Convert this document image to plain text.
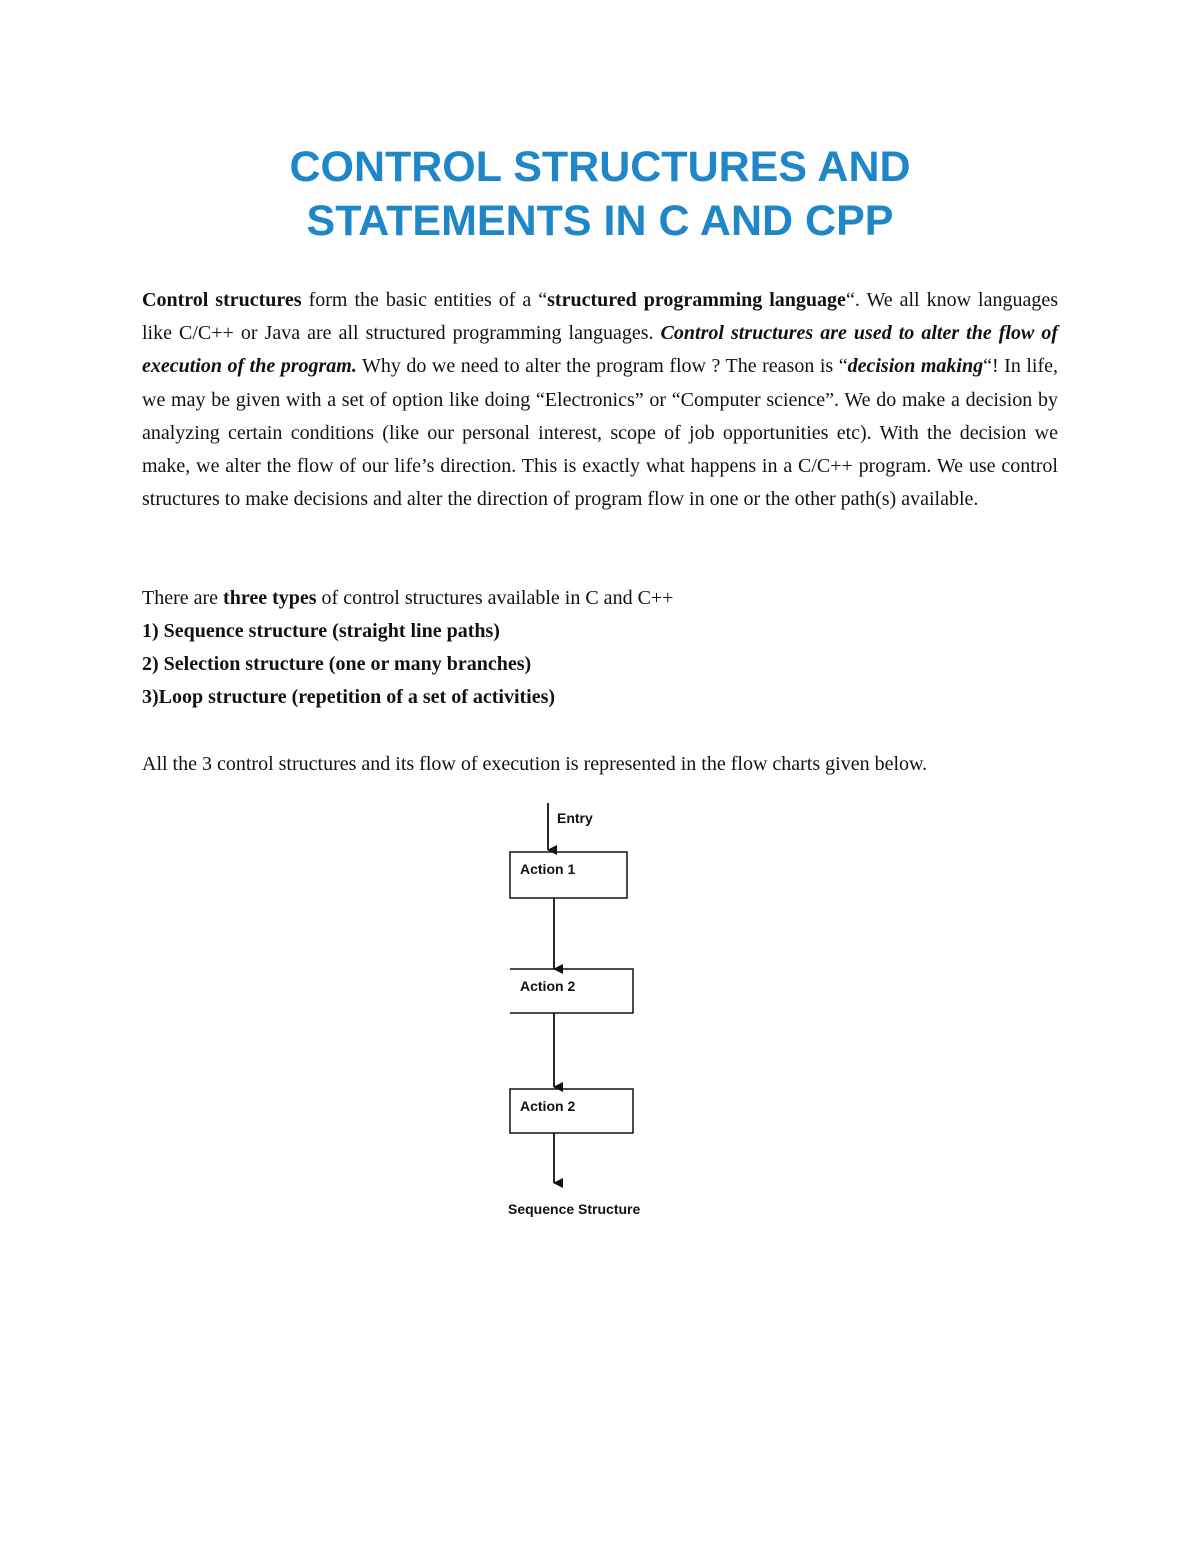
CONTROL STRUCTURES AND
STATEMENTS IN C AND CPP

Control structures form the basic entities of a “structured programming language“. We all know languages like C/C++ or Java are all structured programming languages. Control structures are used to alter the flow of execution of the program. Why do we need to alter the program flow ? The reason is “decision making“! In life, we may be given with a set of option like doing “Electronics” or “Computer science”. We do make a decision by analyzing certain conditions (like our personal interest, scope of job opportunities etc). With the decision we make, we alter the flow of our life’s direction. This is exactly what happens in a C/C++ program. We use control structures to make decisions and alter the direction of program flow in one or the other path(s) available.

There are three types of control structures available in C and C++

1) Sequence structure (straight line paths)

2) Selection structure (one or many branches)

3)Loop structure (repetition of a set of activities)

All the 3 control structures and its flow of execution is represented in the flow charts given below.

Entry
Action 1
Action 2
Action 2
Sequence Structure
